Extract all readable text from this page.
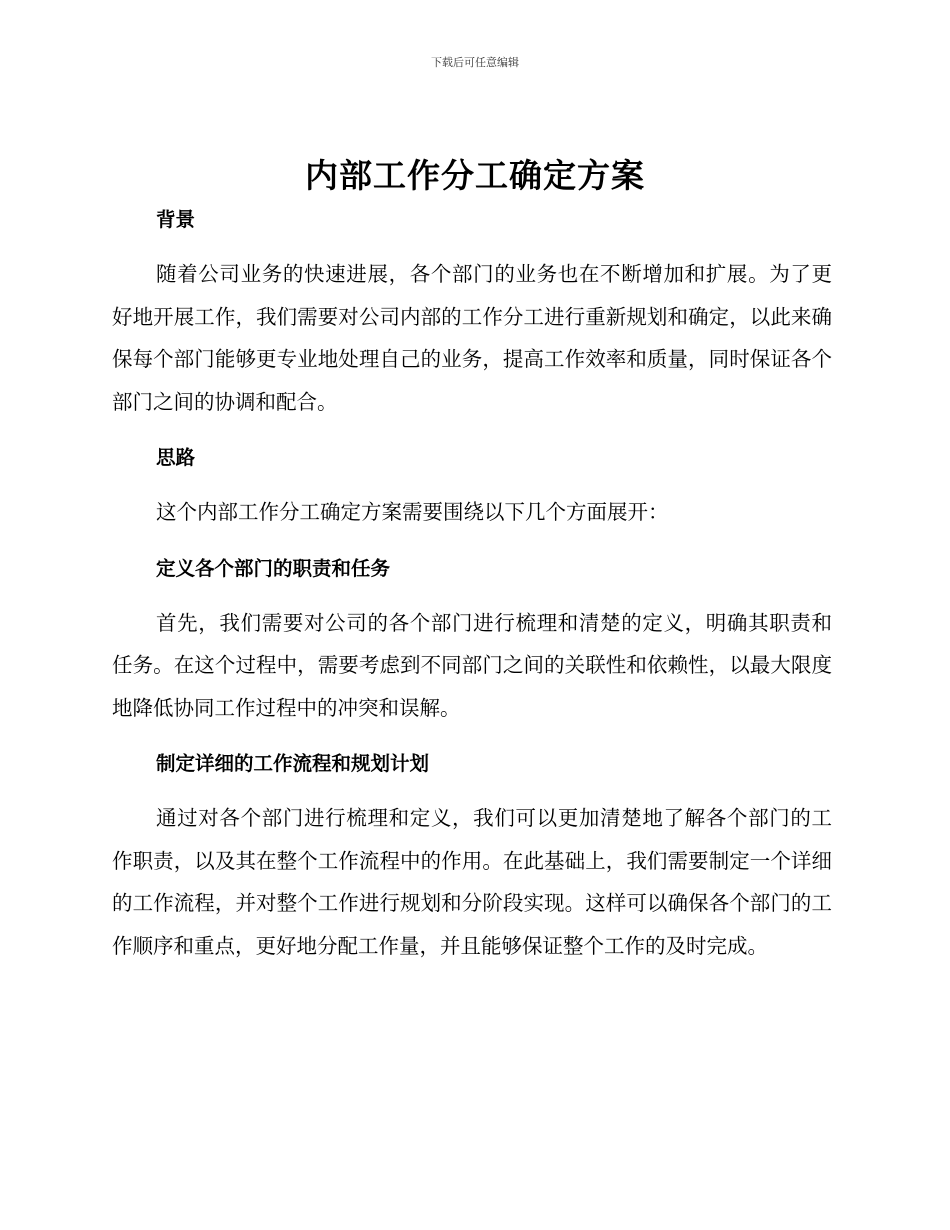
下载后可任意编辑
内部工作分工确定方案

背景

随着公司业务的快速进展，各个部门的业务也在不断增加和扩展。为了更好地开展工作，我们需要对公司内部的工作分工进行重新规划和确定，以此来确保每个部门能够更专业地处理自己的业务，提高工作效率和质量，同时保证各个部门之间的协调和配合。

思路

这个内部工作分工确定方案需要围绕以下几个方面展开：

定义各个部门的职责和任务

首先，我们需要对公司的各个部门进行梳理和清楚的定义，明确其职责和任务。在这个过程中，需要考虑到不同部门之间的关联性和依赖性，以最大限度地降低协同工作过程中的冲突和误解。

制定详细的工作流程和规划计划

通过对各个部门进行梳理和定义，我们可以更加清楚地了解各个部门的工作职责，以及其在整个工作流程中的作用。在此基础上，我们需要制定一个详细的工作流程，并对整个工作进行规划和分阶段实现。这样可以确保各个部门的工作顺序和重点，更好地分配工作量，并且能够保证整个工作的及时完成。
